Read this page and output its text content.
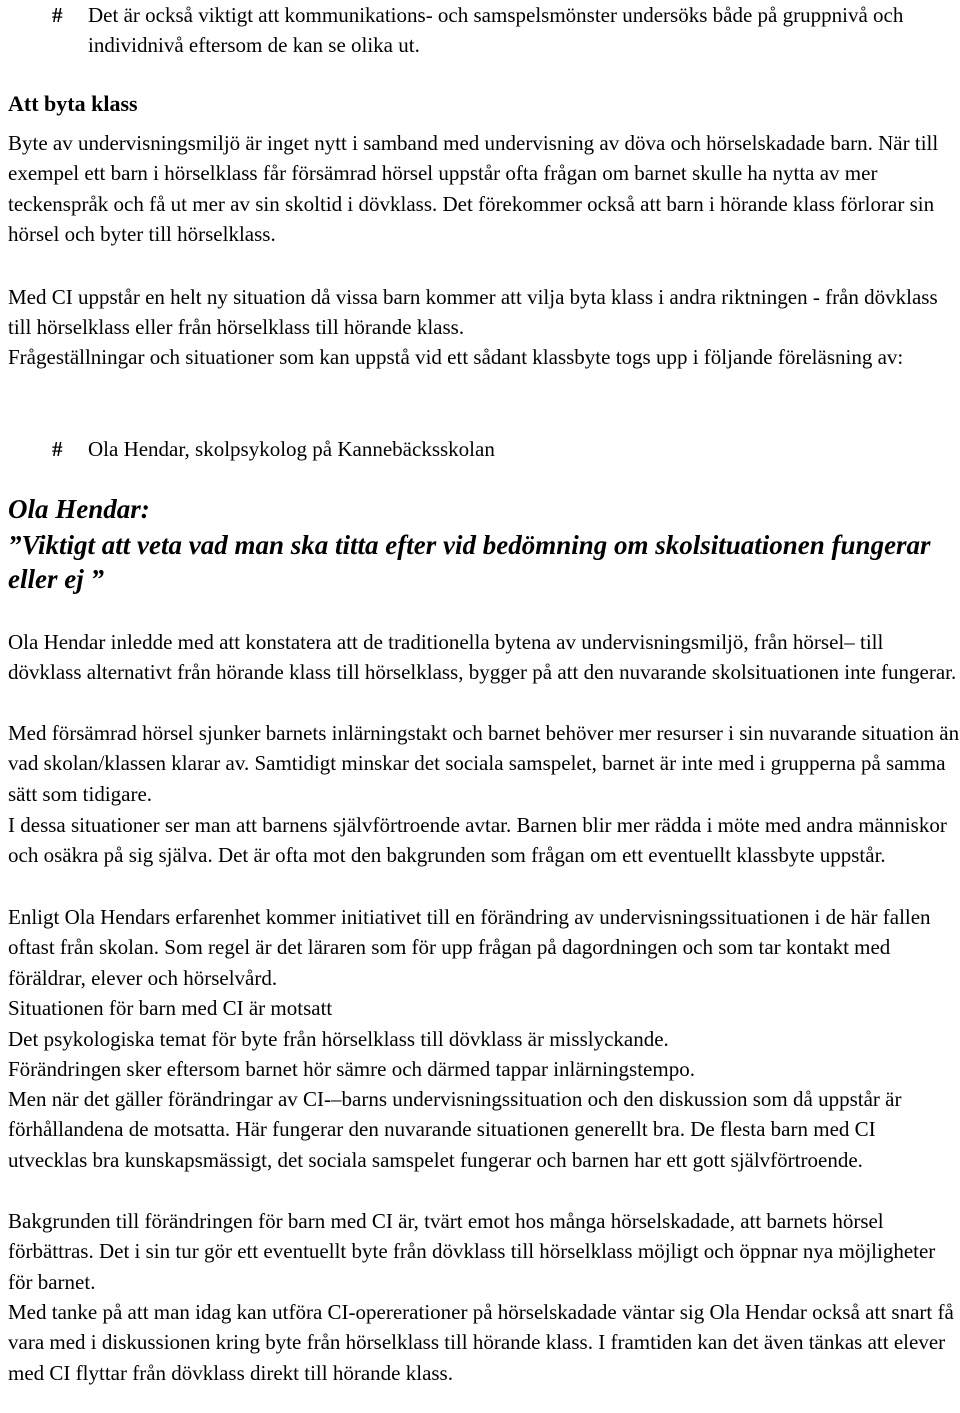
# Det är också viktigt att kommunikations- och samspelsmönster undersöks både på gruppnivå och individnivå eftersom de kan se olika ut.

Att byta klass

Byte av undervisningsmiljö är inget nytt i samband med undervisning av döva och hörselskadade barn. När till exempel ett barn i hörselklass får försämrad hörsel uppstår ofta frågan om barnet skulle ha nytta av mer teckenspråk och få ut mer av sin skoltid i dövklass. Det förekommer också att barn i hörande klass förlorar sin hörsel och byter till hörselklass.

Med CI uppstår en helt ny situation då vissa barn kommer att vilja byta klass i andra riktningen - från dövklass till hörselklass eller från hörselklass till hörande klass.

Frågeställningar och situationer som kan uppstå vid ett sådant klassbyte togs upp i följande föreläsning av:

# Ola Hendar, skolpsykolog på Kannebäcksskolan

Ola Hendar:

”Viktigt att veta vad man ska titta efter vid bedömning om skolsituationen fungerar eller ej ”

Ola Hendar inledde med att konstatera att de traditionella bytena av undervisningsmiljö, från hörsel– till dövklass alternativt från hörande klass till hörselklass, bygger på att den nuvarande skolsituationen inte fungerar.

Med försämrad hörsel sjunker barnets inlärningstakt och barnet behöver mer resurser i sin nuvarande situation än vad skolan/klassen klarar av. Samtidigt minskar det sociala samspelet, barnet är inte med i grupperna på samma sätt som tidigare.

I dessa situationer ser man att barnens självförtroende avtar. Barnen blir mer rädda i möte med andra människor och osäkra på sig själva. Det är ofta mot den bakgrunden som frågan om ett eventuellt klassbyte uppstår.

Enligt Ola Hendars erfarenhet kommer initiativet till en förändring av undervisningssituationen i de här fallen oftast från skolan. Som regel är det läraren som för upp frågan på dagordningen och som tar kontakt med föräldrar, elever och hörselvård.

Situationen för barn med CI är motsatt

Det psykologiska temat för byte från hörselklass till dövklass är misslyckande.

Förändringen sker eftersom barnet hör sämre och därmed tappar inlärningstempo.

Men när det gäller förändringar av CI-–barns undervisningssituation och den diskussion som då uppstår är förhållandena de motsatta. Här fungerar den nuvarande situationen generellt bra. De flesta barn med CI utvecklas bra kunskapsmässigt, det sociala samspelet fungerar och barnen har ett gott självförtroende.

Bakgrunden till förändringen för barn med CI är, tvärt emot hos många hörselskadade, att barnets hörsel förbättras. Det i sin tur gör ett eventuellt byte från dövklass till hörselklass möjligt och öppnar nya möjligheter för barnet.

Med tanke på att man idag kan utföra CI-opererationer på hörselskadade väntar sig Ola Hendar också att snart få vara med i diskussionen kring byte från hörselklass till hörande klass. I framtiden kan det även tänkas att elever med CI flyttar från dövklass direkt till hörande klass.
